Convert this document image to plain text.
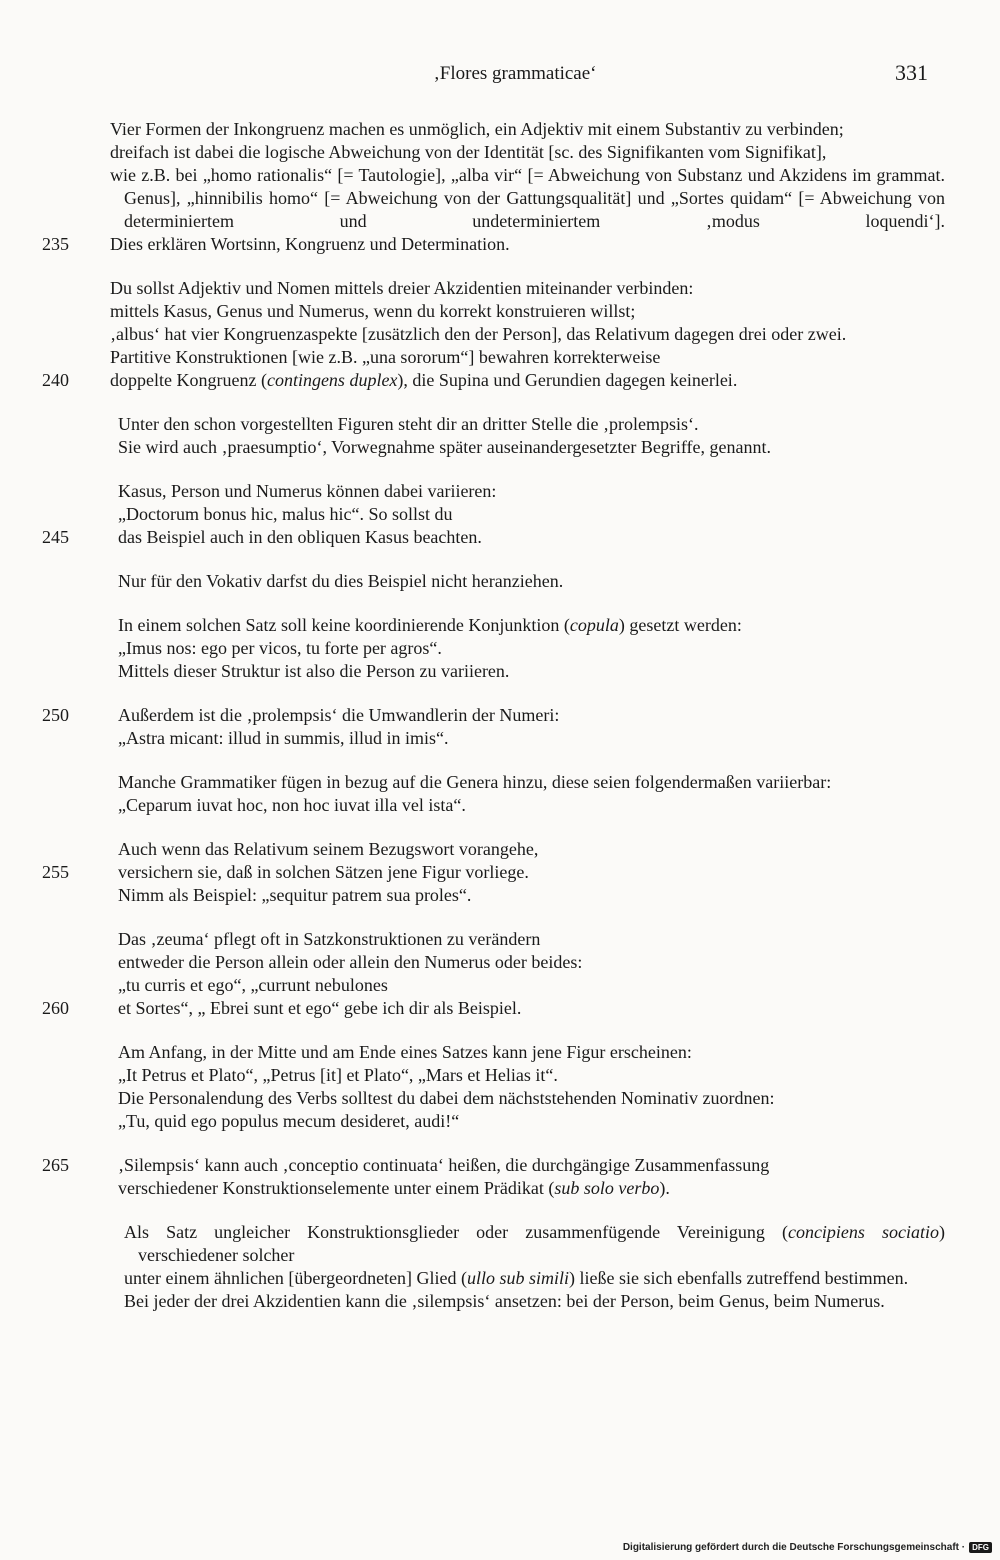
‚Flores grammaticae‘	331
Vier Formen der Inkongruenz machen es unmöglich, ein Adjektiv mit einem Substantiv zu verbinden;
dreifach ist dabei die logische Abweichung von der Identität [sc. des Signifikanten vom Signifikat],
wie z.B. bei „homo rationalis“ [= Tautologie], „alba vir“ [= Abweichung von Substanz und Akzidens im grammat. Genus], „hinnibilis homo“ [= Abweichung von der Gattungsqualität] und „Sortes quidam“ [= Abweichung von determiniertem und undeterminiertem ‚modus loquendi‘].
235	Dies erklären Wortsinn, Kongruenz und Determination.
Du sollst Adjektiv und Nomen mittels dreier Akzidentien miteinander verbinden:
mittels Kasus, Genus und Numerus, wenn du korrekt konstruieren willst;
‚albus‘ hat vier Kongruenzaspekte [zusätzlich den der Person], das Relativum dagegen drei oder zwei.
Partitive Konstruktionen [wie z.B. „una sororum“] bewahren korrekterweise
240	doppelte Kongruenz (contingens duplex), die Supina und Gerundien dagegen keinerlei.
Unter den schon vorgestellten Figuren steht dir an dritter Stelle die ‚prolempsis‘.
Sie wird auch ‚praesumptio‘, Vorwegnahme später auseinandergesetzter Begriffe, genannt.
Kasus, Person und Numerus können dabei variieren:
„Doctorum bonus hic, malus hic“. So sollst du
245	das Beispiel auch in den obliquen Kasus beachten.
Nur für den Vokativ darfst du dies Beispiel nicht heranziehen.
In einem solchen Satz soll keine koordinierende Konjunktion (copula) gesetzt werden:
„Imus nos: ego per vicos, tu forte per agros“.
Mittels dieser Struktur ist also die Person zu variieren.
250	Außerdem ist die ‚prolempsis‘ die Umwandlerin der Numeri:
„Astra micant: illud in summis, illud in imis“.
Manche Grammatiker fügen in bezug auf die Genera hinzu, diese seien folgendermaßen variierbar:
„Ceparum iuvat hoc, non hoc iuvat illa vel ista“.
Auch wenn das Relativum seinem Bezugswort vorangehe,
255	versichern sie, daß in solchen Sätzen jene Figur vorliege.
Nimm als Beispiel: „sequitur patrem sua proles“.
Das ‚zeuma‘ pflegt oft in Satzkonstruktionen zu verändern
entweder die Person allein oder allein den Numerus oder beides:
„tu curris et ego“, „currunt nebulones
260	et Sortes“, „ Ebrei sunt et ego“ gebe ich dir als Beispiel.
Am Anfang, in der Mitte und am Ende eines Satzes kann jene Figur erscheinen:
„It Petrus et Plato“, „Petrus [it] et Plato“, „Mars et Helias it“.
Die Personalendung des Verbs solltest du dabei dem nächststehenden Nominativ zuordnen:
„Tu, quid ego populus mecum desideret, audi!“
265	‚Silempsis‘ kann auch ‚conceptio continuata‘ heißen, die durchgängige Zusammenfassung
verschiedener Konstruktionselemente unter einem Prädikat (sub solo verbo).
Als Satz ungleicher Konstruktionsglieder oder zusammenfügende Vereinigung (concipiens sociatio) verschiedener solcher
unter einem ähnlichen [übergeordneten] Glied (ullo sub simili) ließe sie sich ebenfalls zutreffend bestimmen.
Bei jeder der drei Akzidentien kann die ‚silempsis‘ ansetzen: bei der Person, beim Genus, beim Numerus.
Digitalisierung gefördert durch die Deutsche Forschungsgemeinschaft · DFG
